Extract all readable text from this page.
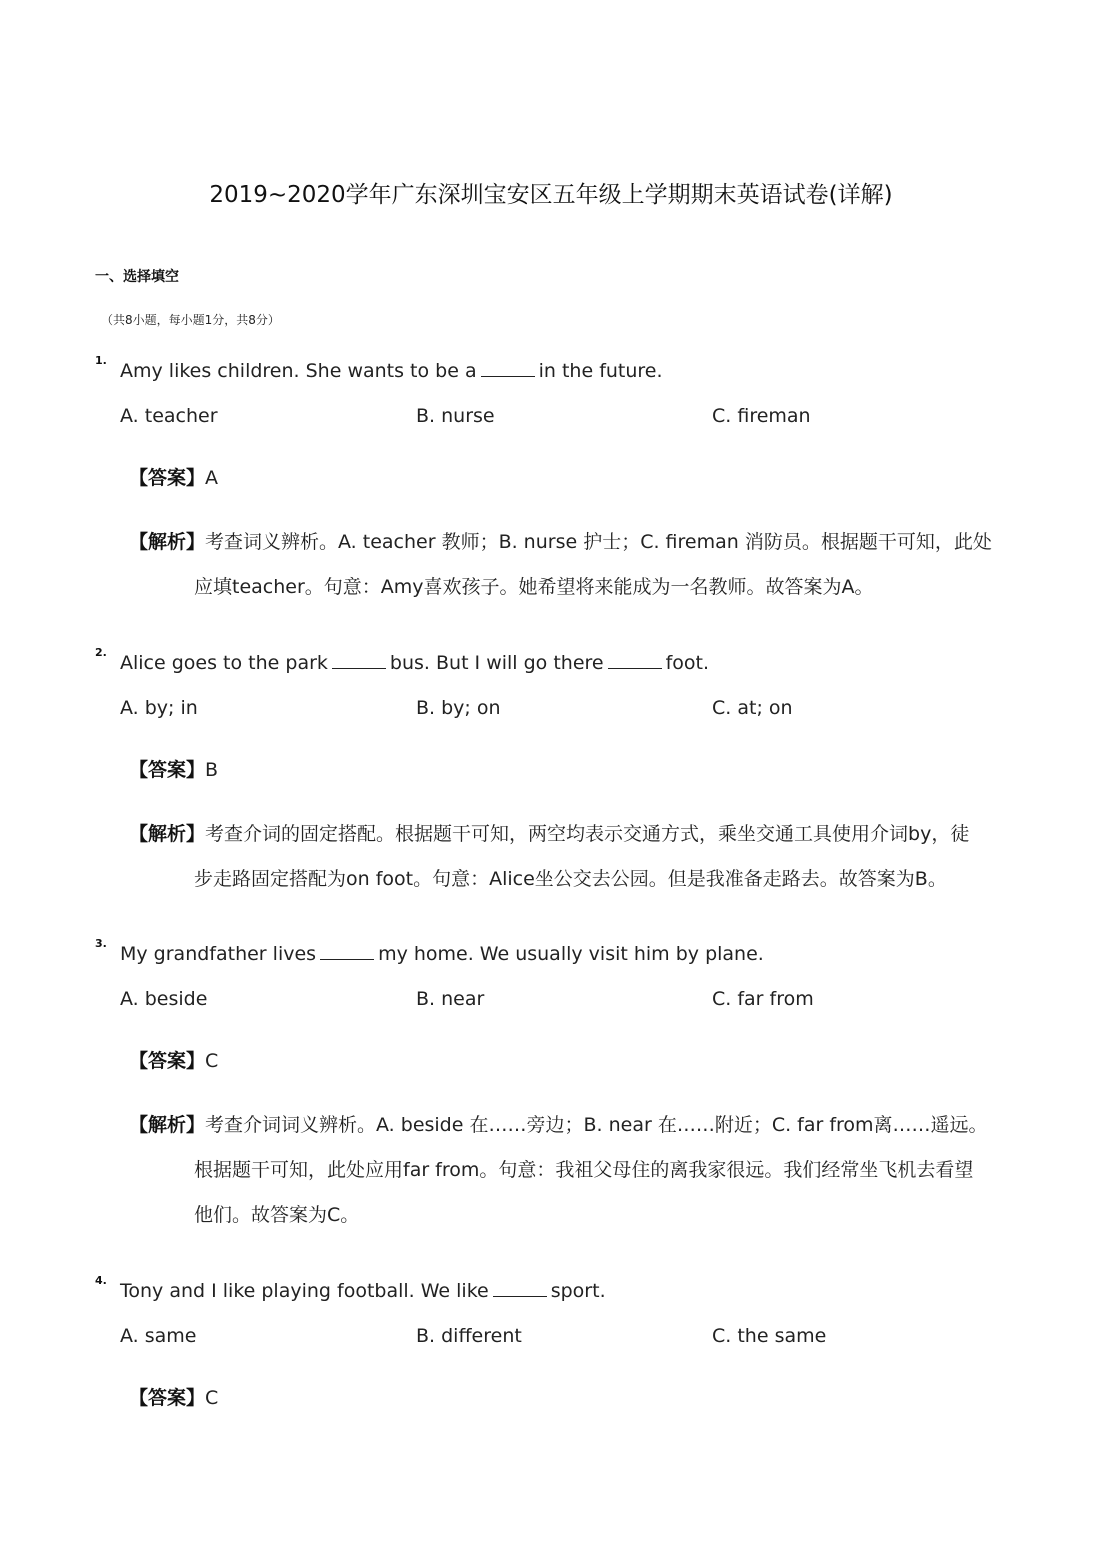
2019~2020学年广东深圳宝安区五年级上学期期末英语试卷(详解)
一、选择填空
（共8小题，每小题1分，共8分）
1. Amy likes children. She wants to be a	in the future.
A. teacher	B. nurse	C. fireman
【答案】A
【解析】考查词义辨析。A. teacher 教师；B. nurse 护士；C. fireman 消防员。根据题干可知，此处
应填teacher。句意：Amy喜欢孩子。她希望将来能成为一名教师。故答案为A。
2. Alice goes to the park	bus. But I will go there	foot.
A. by; in	B. by; on	C. at; on
【答案】B
【解析】考查介词的固定搭配。根据题干可知，两空均表示交通方式，乘坐交通工具使用介词by，徒
步走路固定搭配为on foot。句意：Alice坐公交去公园。但是我准备走路去。故答案为B。
3. My grandfather lives	my home. We usually visit him by plane.
A. beside	B. near	C. far from
【答案】C
【解析】考查介词词义辨析。A. beside 在……旁边；B. near 在……附近；C. far from离……遥远。
根据题干可知，此处应用far from。句意：我祖父母住的离我家很远。我们经常坐飞机去看望
他们。故答案为C。
4. Tony and I like playing football. We like	sport.
A. same	B. different	C. the same
【答案】C
